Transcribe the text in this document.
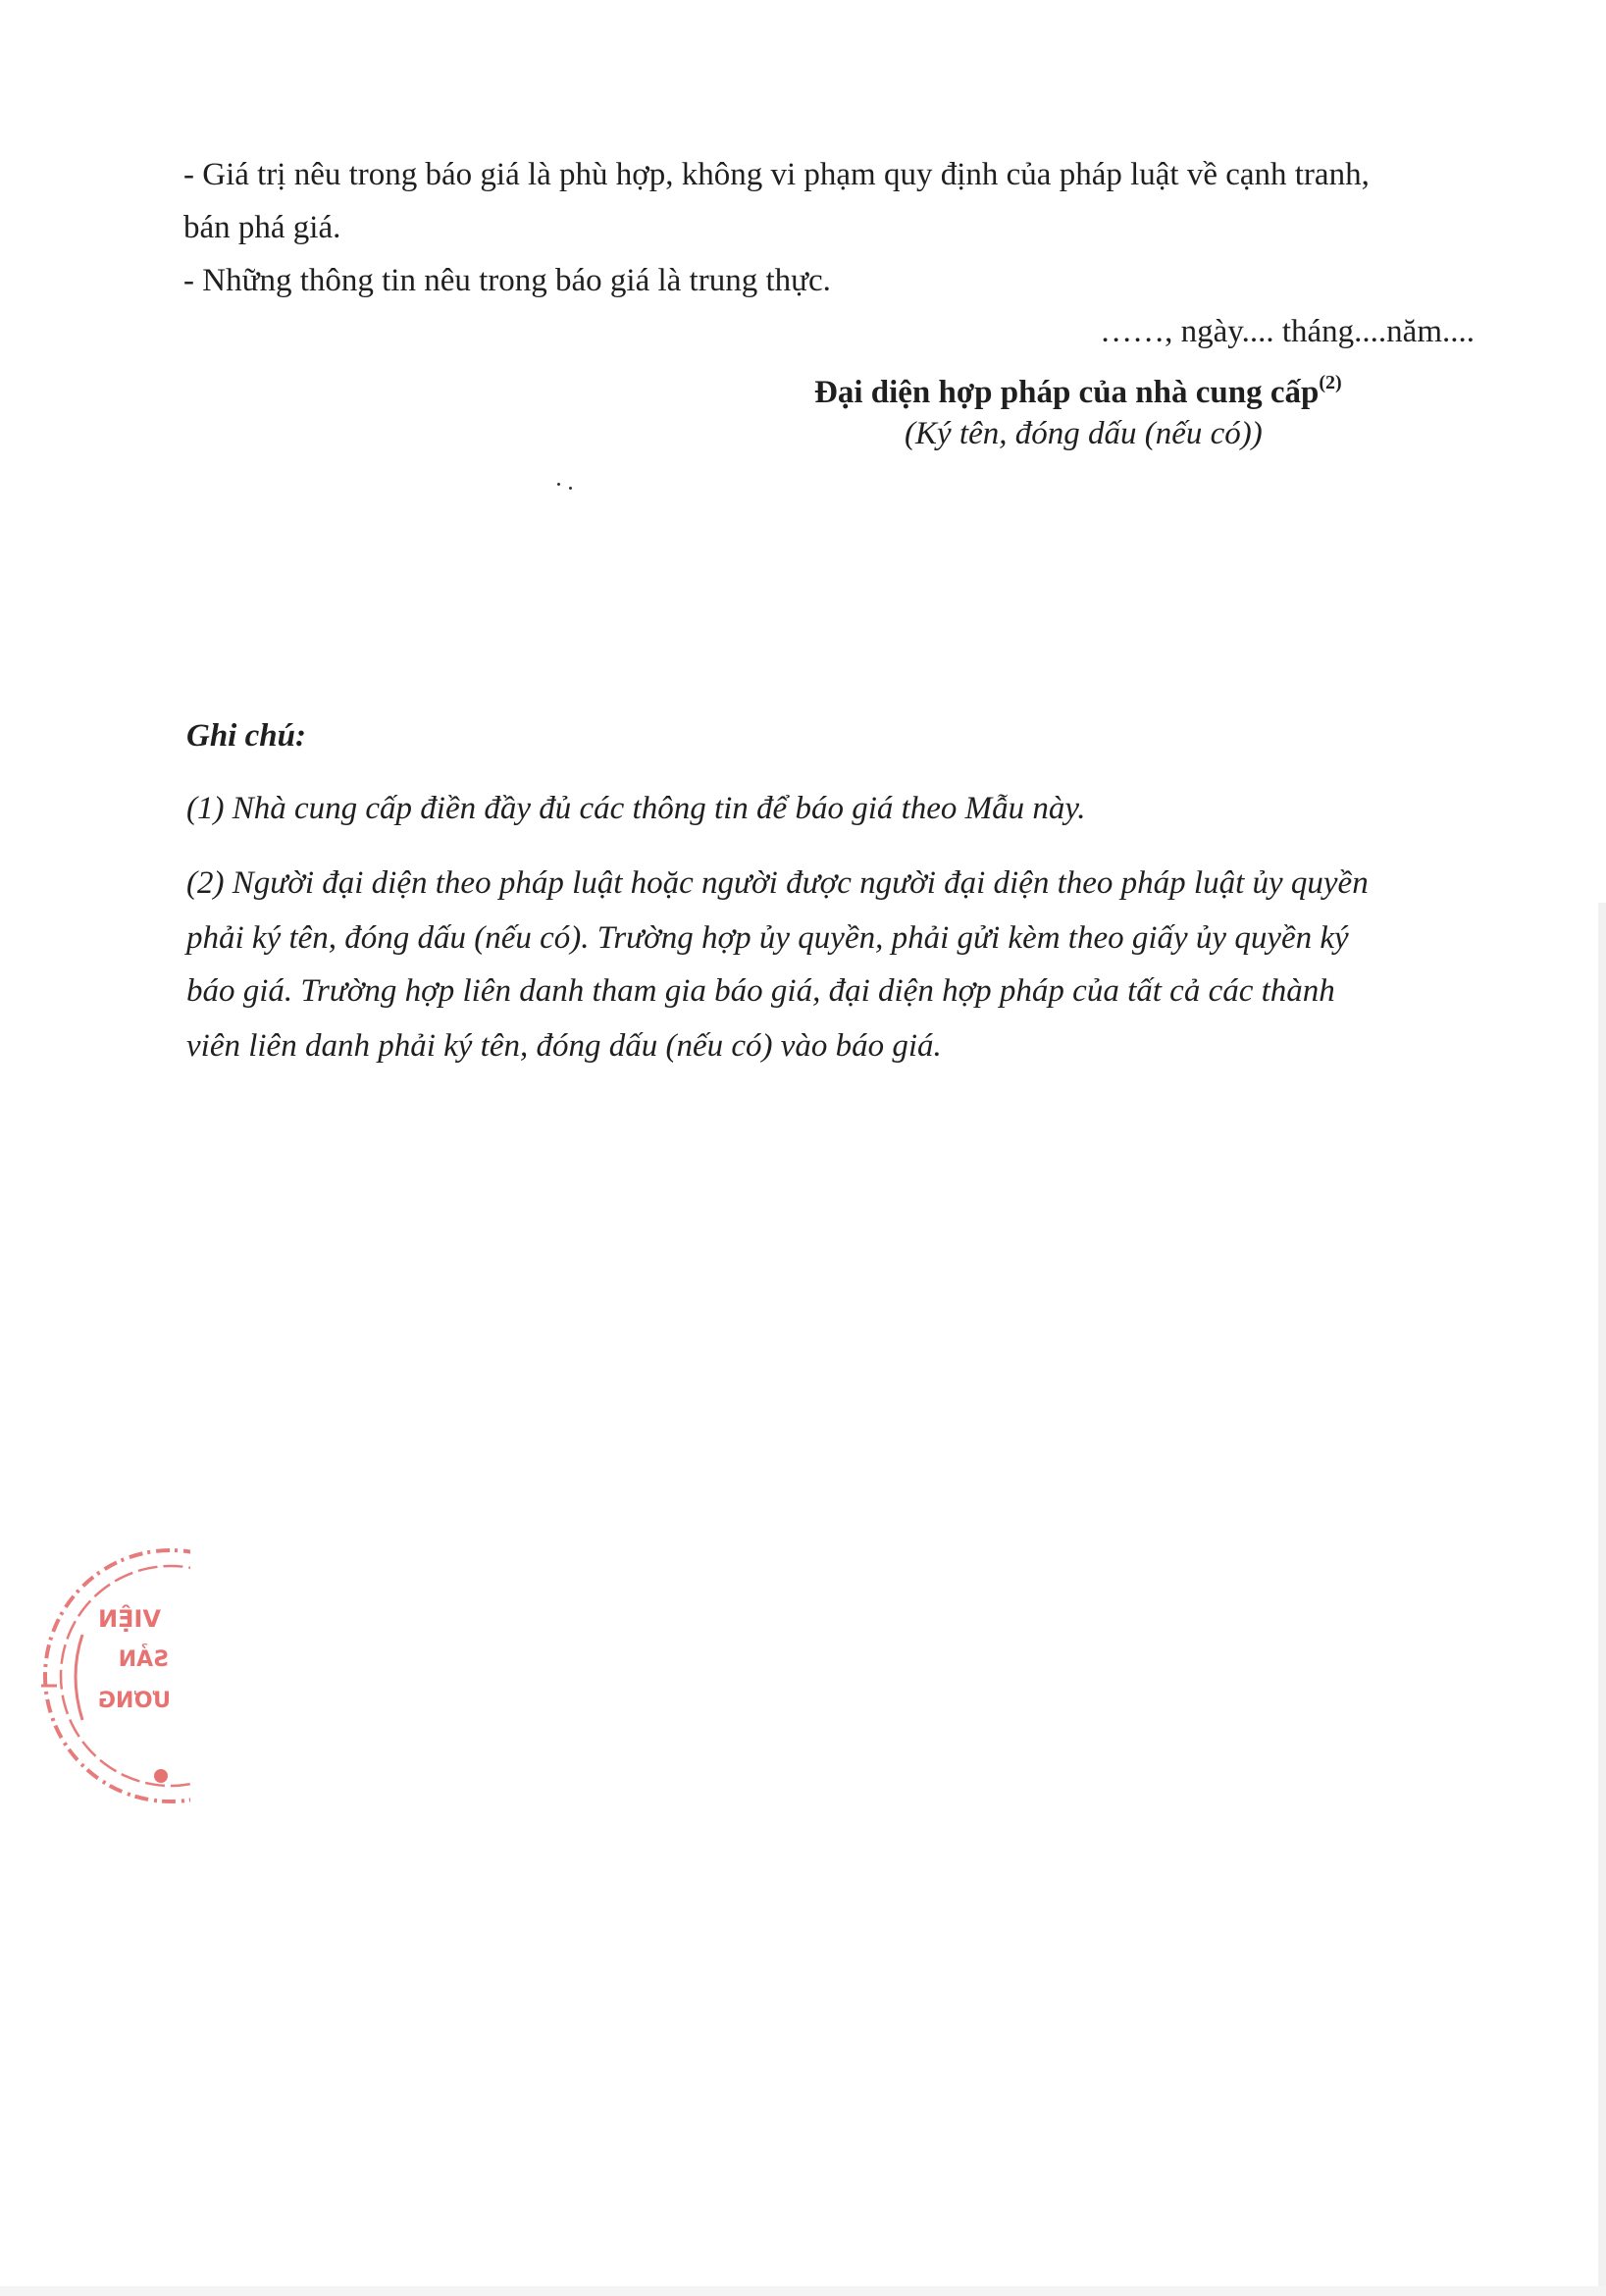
- Giá trị nêu trong báo giá là phù hợp, không vi phạm quy định của pháp luật về cạnh tranh,
bán phá giá.
- Những thông tin nêu trong báo giá là trung thực.
……, ngày.... tháng....năm....
Đại diện hợp pháp của nhà cung cấp$^{(2)}$
(Ký tên, đóng dấu (nếu có))
Ghi chú:
(1) Nhà cung cấp điền đầy đủ các thông tin để báo giá theo Mẫu này.
(2) Người đại diện theo pháp luật hoặc người được người đại diện theo pháp luật ủy quyền
phải ký tên, đóng dấu (nếu có). Trường hợp ủy quyền, phải gửi kèm theo giấy ủy quyền ký
báo giá. Trường hợp liên danh tham gia báo giá, đại diện hợp pháp của tất cả các thành
viên liên danh phải ký tên, đóng dấu (nếu có) vào báo giá.
VIỆN
SẢN
ƯƠNG
